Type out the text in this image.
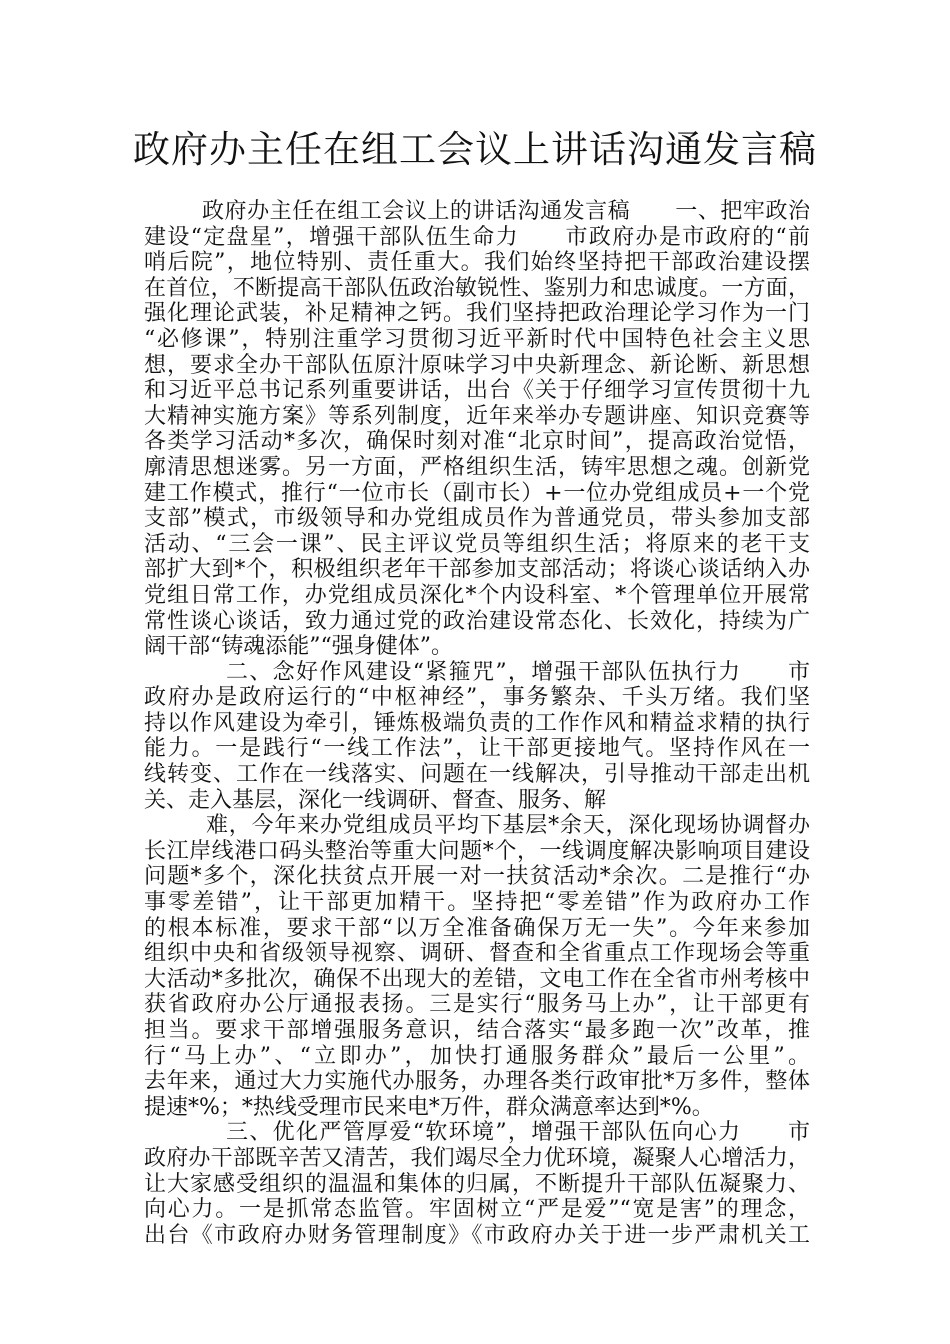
政府办主任在组工会议上讲话沟通发言稿
政府办主任在组工会议上的讲话沟通发言稿　　一、把牢政治
建设“定盘星”，增强干部队伍生命力　　市政府办是市政府的“前
哨后院”，地位特别、责任重大。我们始终坚持把干部政治建设摆
在首位，不断提高干部队伍政治敏锐性、鉴别力和忠诚度。一方面，
强化理论武装，补足精神之钙。我们坚持把政治理论学习作为一门
“必修课”，特别注重学习贯彻习近平新时代中国特色社会主义思
想，要求全办干部队伍原汁原味学习中央新理念、新论断、新思想
和习近平总书记系列重要讲话，出台《关于仔细学习宣传贯彻十九
大精神实施方案》等系列制度，近年来举办专题讲座、知识竞赛等
各类学习活动*多次，确保时刻对准“北京时间”，提高政治觉悟，
廓清思想迷雾。另一方面，严格组织生活，铸牢思想之魂。创新党
建工作模式，推行“一位市长（副市长）+一位办党组成员+一个党
支部”模式，市级领导和办党组成员作为普通党员，带头参加支部
活动、“三会一课”、民主评议党员等组织生活；将原来的老干支
部扩大到*个，积极组织老年干部参加支部活动；将谈心谈话纳入办
党组日常工作，办党组成员深化*个内设科室、*个管理单位开展常
常性谈心谈话，致力通过党的政治建设常态化、长效化，持续为广
阔干部“铸魂添能”“强身健体”。
二、念好作风建设“紧箍咒”，增强干部队伍执行力　　市
政府办是政府运行的“中枢神经”，事务繁杂、千头万绪。我们坚
持以作风建设为牵引，锤炼极端负责的工作作风和精益求精的执行
能力。一是践行“一线工作法”，让干部更接地气。坚持作风在一
线转变、工作在一线落实、问题在一线解决，引导推动干部走出机
关、走入基层，深化一线调研、督查、服务、解
难，今年来办党组成员平均下基层*余天，深化现场协调督办
长江岸线港口码头整治等重大问题*个，一线调度解决影响项目建设
问题*多个，深化扶贫点开展一对一扶贫活动*余次。二是推行“办
事零差错”，让干部更加精干。坚持把“零差错”作为政府办工作
的根本标准，要求干部“以万全准备确保万无一失”。今年来参加
组织中央和省级领导视察、调研、督查和全省重点工作现场会等重
大活动*多批次，确保不出现大的差错，文电工作在全省市州考核中
获省政府办公厅通报表扬。三是实行“服务马上办”，让干部更有
担当。要求干部增强服务意识，结合落实“最多跑一次”改革，推
行“马上办”、“立即办”，加快打通服务群众”最后一公里”。
去年来，通过大力实施代办服务，办理各类行政审批*万多件，整体
提速*%；*热线受理市民来电*万件，群众满意率达到*%。
三、优化严管厚爱“软环境”，增强干部队伍向心力　　市
政府办干部既辛苦又清苦，我们竭尽全力优环境，凝聚人心增活力，
让大家感受组织的温温和集体的归属，不断提升干部队伍凝聚力、
向心力。一是抓常态监管。牢固树立“严是爱”“宽是害”的理念，
出台《市政府办财务管理制度》《市政府办关于进一步严肃机关工
